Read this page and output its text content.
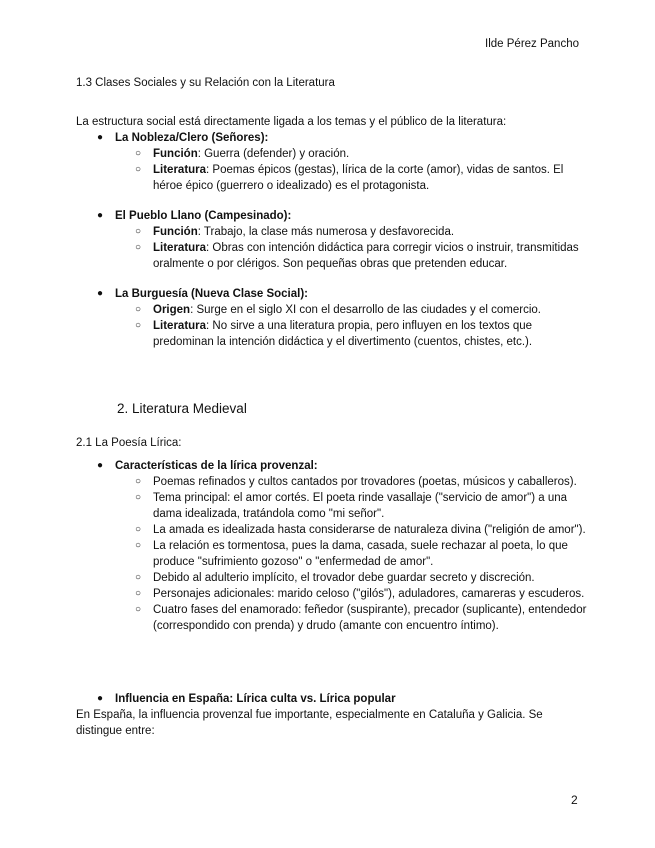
Ilde Pérez Pancho
1.3 Clases Sociales y su Relación con la Literatura
La estructura social está directamente ligada a los temas y el público de la literatura:
●	La Nobleza/Clero (Señores):
○	Función: Guerra (defender) y oración.
○	Literatura: Poemas épicos (gestas), lírica de la corte (amor), vidas de santos. El héroe épico (guerrero o idealizado) es el protagonista.
●	El Pueblo Llano (Campesinado):
○	Función: Trabajo, la clase más numerosa y desfavorecida.
○	Literatura: Obras con intención didáctica para corregir vicios o instruir, transmitidas oralmente o por clérigos. Son pequeñas obras que pretenden educar.
●	La Burguesía (Nueva Clase Social):
○	Origen: Surge en el siglo XI con el desarrollo de las ciudades y el comercio.
○	Literatura: No sirve a una literatura propia, pero influyen en los textos que predominan la intención didáctica y el divertimento (cuentos, chistes, etc.).
2. Literatura Medieval
2.1 La Poesía Lírica:
●	Características de la lírica provenzal:
○	Poemas refinados y cultos cantados por trovadores (poetas, músicos y caballeros).
○	Tema principal: el amor cortés. El poeta rinde vasallaje ("servicio de amor") a una dama idealizada, tratándola como "mi señor".
○	La amada es idealizada hasta considerarse de naturaleza divina ("religión de amor").
○	La relación es tormentosa, pues la dama, casada, suele rechazar al poeta, lo que produce "sufrimiento gozoso" o "enfermedad de amor".
○	Debido al adulterio implícito, el trovador debe guardar secreto y discreción.
○	Personajes adicionales: marido celoso ("gilós"), aduladores, camareras y escuderos.
○	Cuatro fases del enamorado: feñedor (suspirante), precador (suplicante), entendedor (correspondido con prenda) y drudo (amante con encuentro íntimo).
●	Influencia en España: Lírica culta vs. Lírica popular
En España, la influencia provenzal fue importante, especialmente en Cataluña y Galicia. Se distingue entre:
2
